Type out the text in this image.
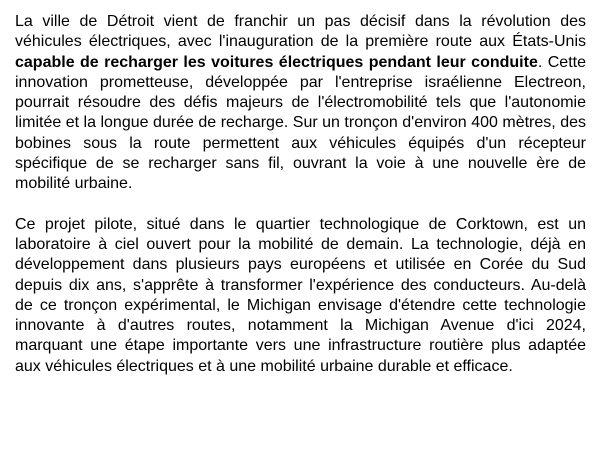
La ville de Détroit vient de franchir un pas décisif dans la révolution des véhicules électriques, avec l'inauguration de la première route aux États-Unis capable de recharger les voitures électriques pendant leur conduite. Cette innovation prometteuse, développée par l'entreprise israélienne Electreon, pourrait résoudre des défis majeurs de l'électromobilité tels que l'autonomie limitée et la longue durée de recharge. Sur un tronçon d'environ 400 mètres, des bobines sous la route permettent aux véhicules équipés d'un récepteur spécifique de se recharger sans fil, ouvrant la voie à une nouvelle ère de mobilité urbaine.

Ce projet pilote, situé dans le quartier technologique de Corktown, est un laboratoire à ciel ouvert pour la mobilité de demain. La technologie, déjà en développement dans plusieurs pays européens et utilisée en Corée du Sud depuis dix ans, s'apprête à transformer l'expérience des conducteurs. Au-delà de ce tronçon expérimental, le Michigan envisage d'étendre cette technologie innovante à d'autres routes, notamment la Michigan Avenue d'ici 2024, marquant une étape importante vers une infrastructure routière plus adaptée aux véhicules électriques et à une mobilité urbaine durable et efficace.
